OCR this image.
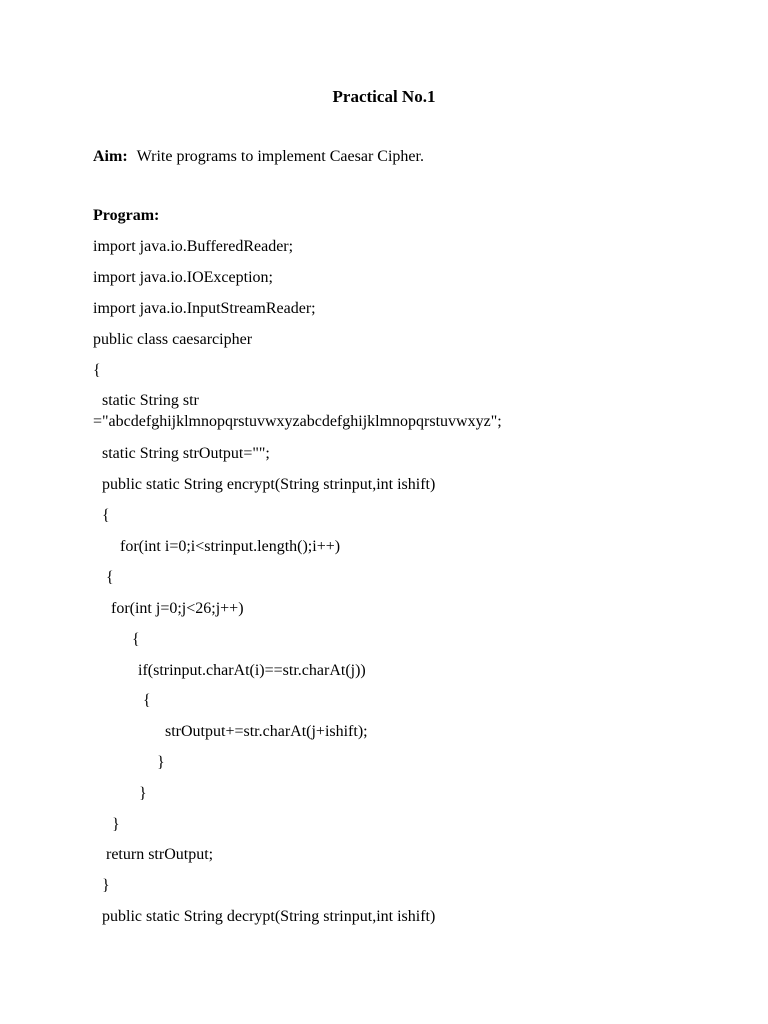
Practical No.1
Aim: Write programs to implement Caesar Cipher.
Program:
import java.io.BufferedReader;
import java.io.IOException;
import java.io.InputStreamReader;
public class caesarcipher
{
static String str
="abcdefghijklmnopqrstuvwxyzabcdefghijklmnopqrstuvwxyz";
static String strOutput="";
public static String encrypt(String strinput,int ishift)
{
for(int i=0;i<strinput.length();i++)
{
for(int j=0;j<26;j++)
{
if(strinput.charAt(i)==str.charAt(j))
{
strOutput+=str.charAt(j+ishift);
}
}
}
return strOutput;
}
public static String decrypt(String strinput,int ishift)
